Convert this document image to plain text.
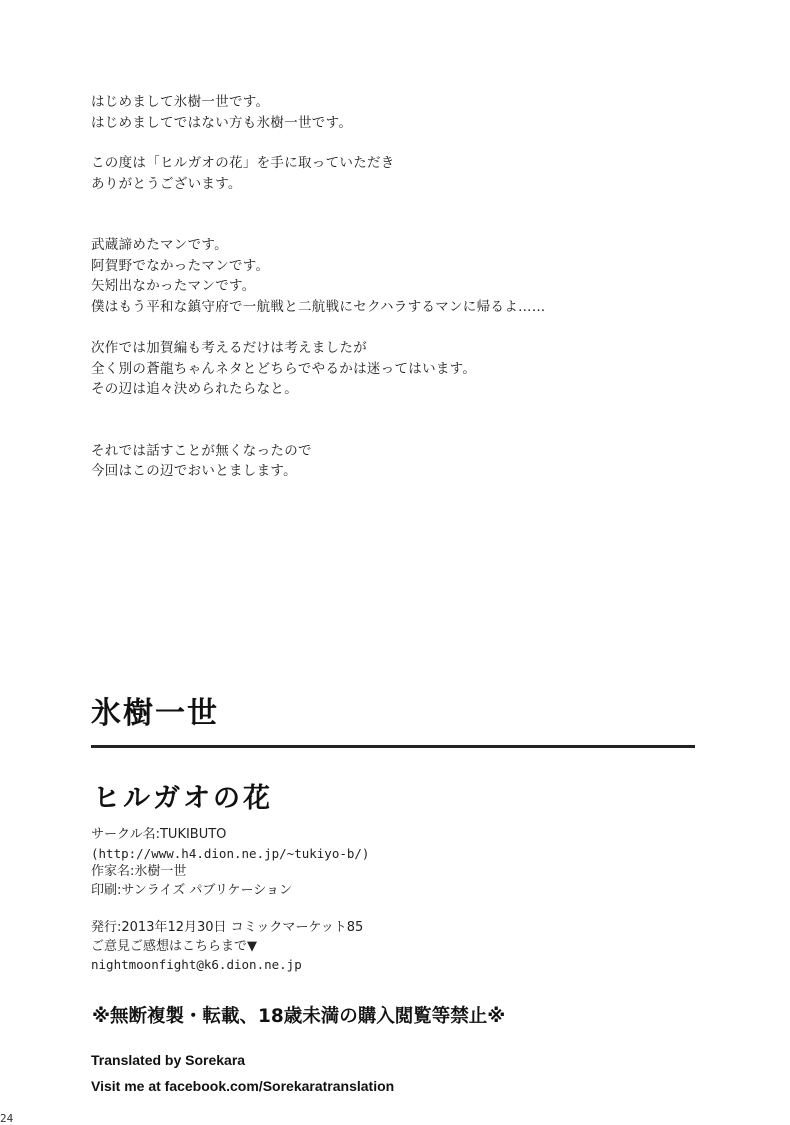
はじめまして氷樹一世です。
はじめましてではない方も氷樹一世です。

この度は「ヒルガオの花」を手に取っていただき
ありがとうございます。

武蔵諦めたマンです。
阿賀野でなかったマンです。
矢矧出なかったマンです。
僕はもう平和な鎮守府で一航戦と二航戦にセクハラするマンに帰るよ……

次作では加賀編も考えるだけは考えましたが
全く別の蒼龍ちゃんネタとどちらでやるかは迷ってはいます。
その辺は追々決められたらなと。

それでは話すことが無くなったので
今回はこの辺でおいとまします。

氷樹一世
ヒルガオの花
サークル名:TUKIBUTO
(http://www.h4.dion.ne.jp/~tukiyo-b/)
作家名:氷樹一世
印刷:サンライズ パブリケーション
発行:2013年12月30日 コミックマーケット85
ご意見ご感想はこちらまで▼
nightmoonfight@k6.dion.ne.jp
※無断複製・転載、18歳未満の購入閲覧等禁止※
Translated by Sorekara
Visit me at facebook.com/Sorekaratranslation
24
